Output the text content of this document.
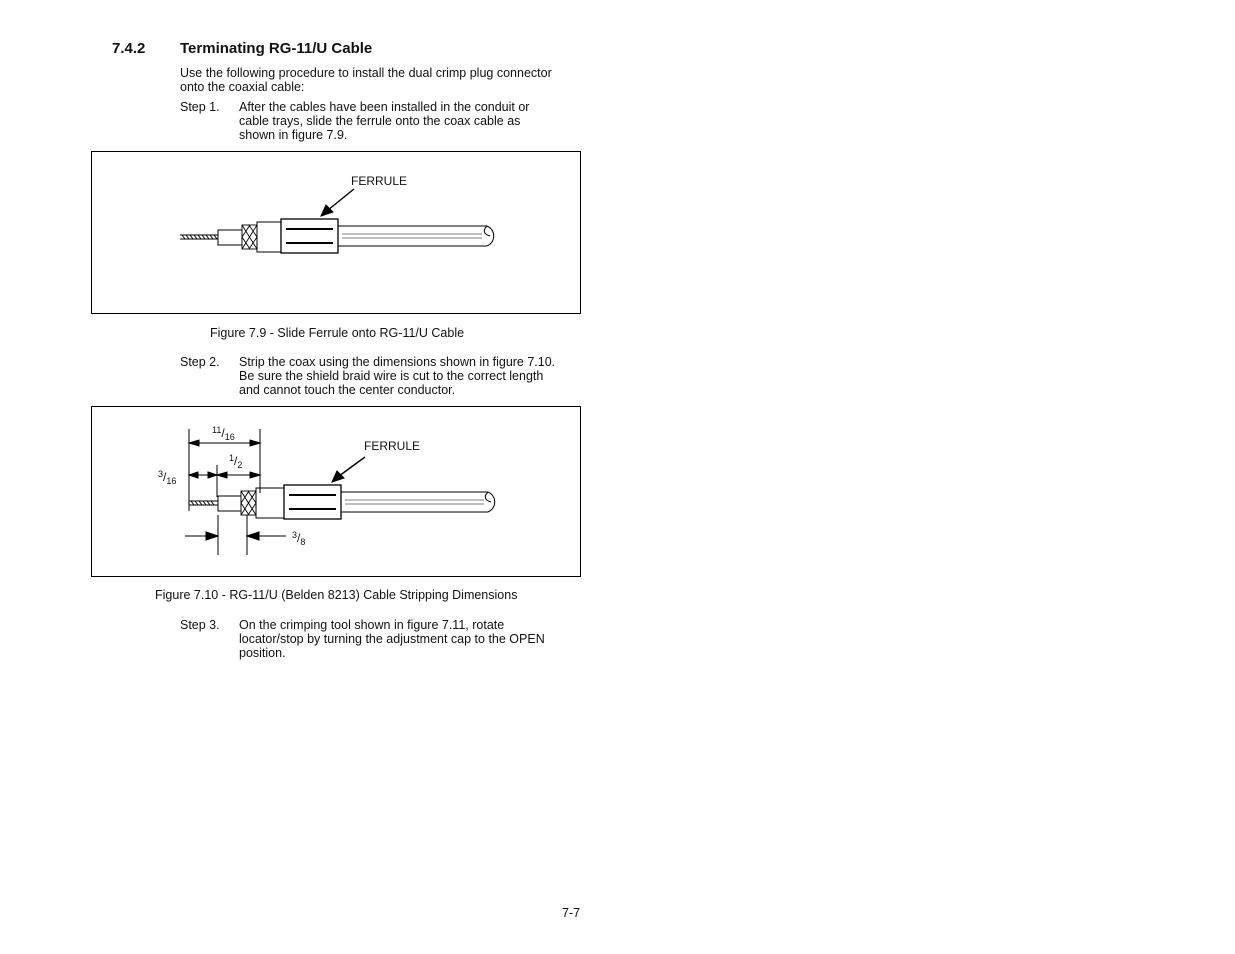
7.4.2 Terminating RG-11/U Cable
Use the following procedure to install the dual crimp plug connector
onto the coaxial cable:
Step 1. After the cables have been installed in the conduit or
cable trays, slide the ferrule onto the coax cable as
shown in figure 7.9.
FERRULE
Figure 7.9 - Slide Ferrule onto RG-11/U Cable
Step 2. Strip the coax using the dimensions shown in figure 7.10.
Be sure the shield braid wire is cut to the correct length
and cannot touch the center conductor.
FERRULE
$^{11}$/16
$^1$/2
$^3$/16
$^3$/8
Figure 7.10 - RG-11/U (Belden 8213) Cable Stripping Dimensions
Step 3. On the crimping tool shown in figure 7.11, rotate
locator/stop by turning the adjustment cap to the OPEN
position.
7-7
